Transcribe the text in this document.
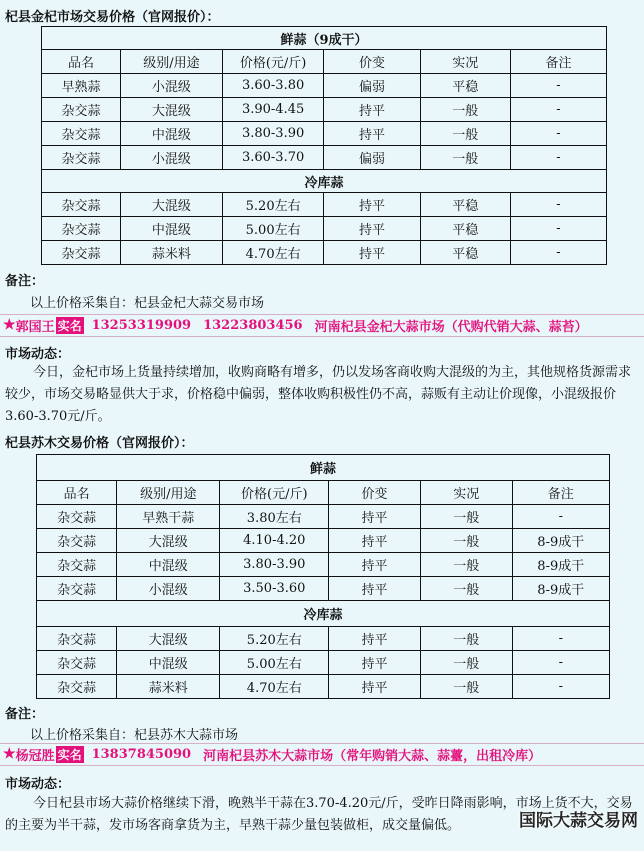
杞县金杞市场交易价格（官网报价）：
鲜蒜（9成干）					
品名	级别/用途	价格(元/斤)	价变	实况	备注
早熟蒜	小混级	3.60-3.80	偏弱	平稳	-
杂交蒜	大混级	3.90-4.45	持平	一般	-
杂交蒜	中混级	3.80-3.90	持平	一般	-
杂交蒜	小混级	3.60-3.70	偏弱	一般	-
冷库蒜					
杂交蒜	大混级	5.20左右	持平	平稳	-
杂交蒜	中混级	5.00左右	持平	平稳	-
杂交蒜	蒜米料	4.70左右	持平	平稳	-
备注：
以上价格采集自：杞县金杞大蒜交易市场
★ 郭国王 实名 13253319909 13223803456 河南杞县金杞大蒜市场（代购代销大蒜、蒜苔）
市场动态：
今日，金杞市场上货量持续增加，收购商略有增多，仍以发场客商收购大混级的为主，其他规格货源需求较少，市场交易略显供大于求，价格稳中偏弱，整体收购积极性仍不高，蒜贩有主动让价现像，小混级报价3.60-3.70元/斤。
杞县苏木交易价格（官网报价）：
鲜蒜					
品名	级别/用途	价格(元/斤)	价变	实况	备注
杂交蒜	早熟干蒜	3.80左右	持平	一般	-
杂交蒜	大混级	4.10-4.20	持平	一般	8-9成干
杂交蒜	中混级	3.80-3.90	持平	一般	8-9成干
杂交蒜	小混级	3.50-3.60	持平	一般	8-9成干
冷库蒜					
杂交蒜	大混级	5.20左右	持平	一般	-
杂交蒜	中混级	5.00左右	持平	一般	-
杂交蒜	蒜米料	4.70左右	持平	一般	-
备注：
以上价格采集自：杞县苏木大蒜市场
★ 杨冠胜 实名 13837845090 河南杞县苏木大蒜市场（常年购销大蒜、蒜薹，出租冷库）
市场动态：
今日杞县市场大蒜价格继续下滑，晚熟半干蒜在3.70-4.20元/斤，受昨日降雨影响，市场上货不大，交易的主要为半干蒜，发市场客商拿货为主，早熟干蒜少量包装做柜，成交量偏低。	国际大蒜交易网
